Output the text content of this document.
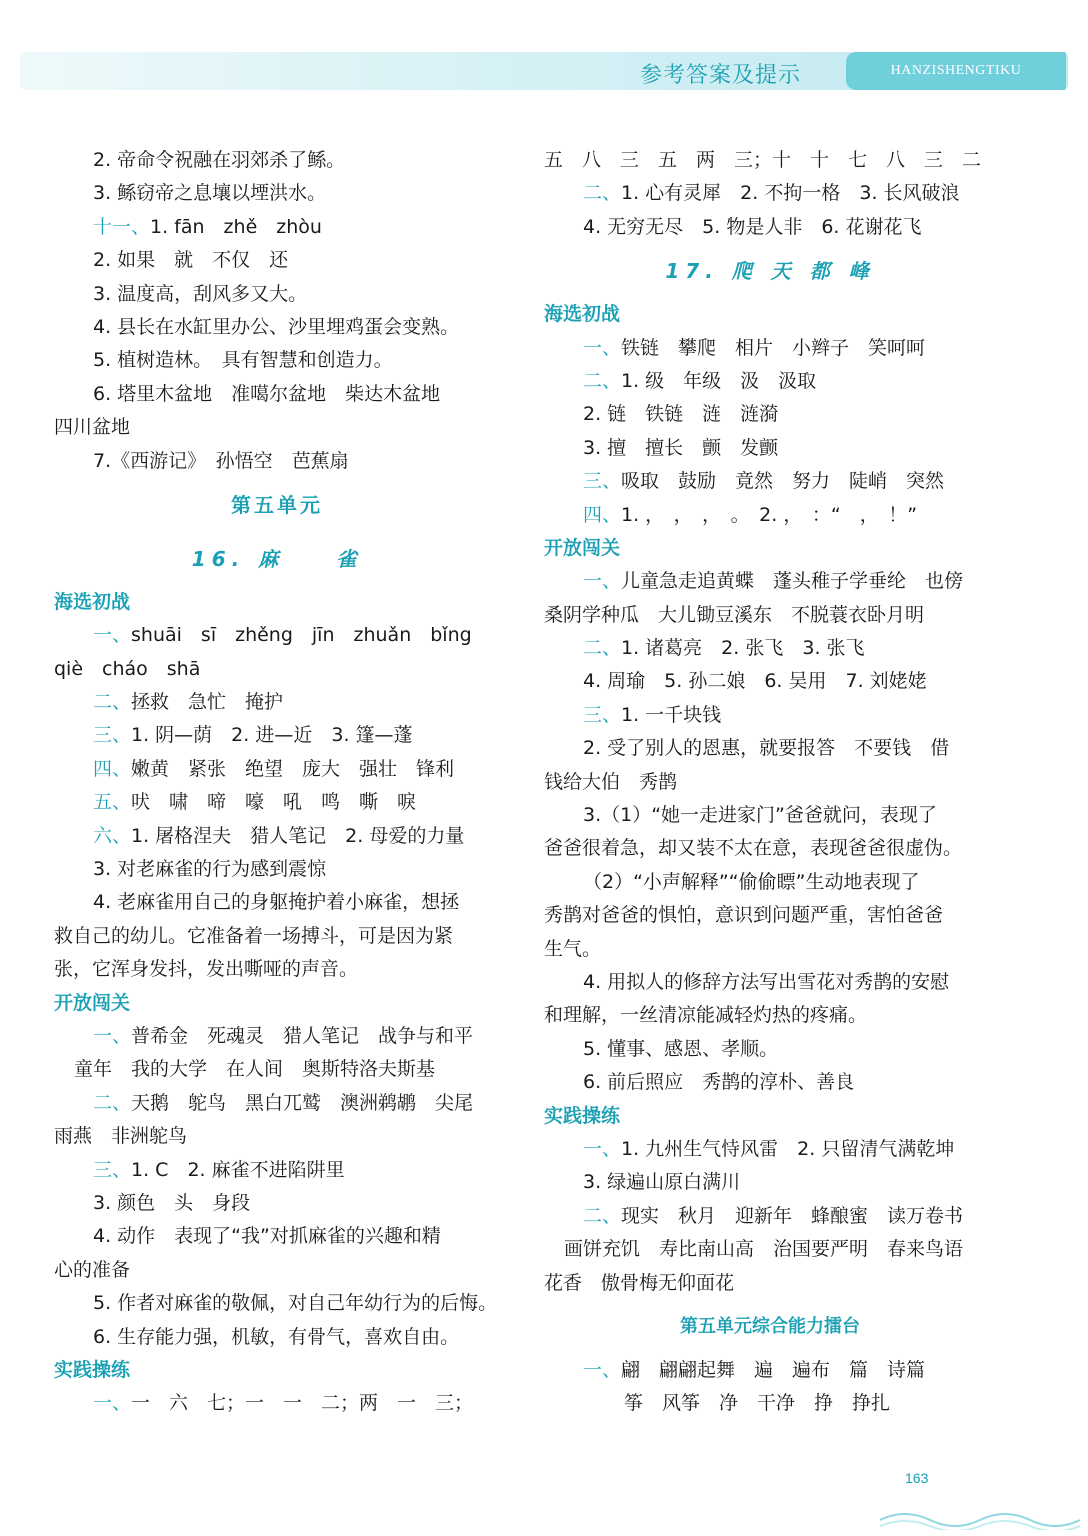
参考答案及提示	HANZISHENGTIKU
2. 帝命令祝融在羽郊杀了鲧。
3. 鲧窃帝之息壤以堙洪水。
十一、1. fān　zhě　zhòu
2. 如果　就　不仅　还
3. 温度高，刮风多又大。
4. 县长在水缸里办公、沙里埋鸡蛋会变熟。
5. 植树造林。　具有智慧和创造力。
6. 塔里木盆地　准噶尔盆地　柴达木盆地
四川盆地
7.《西游记》　孙悟空　芭蕉扇
第五单元
16. 麻　　雀
海选初战
一、shuāi　sī　zhěng　jīn　zhuǎn　bǐng
qiè　cháo　shā
二、拯救　急忙　掩护
三、1. 阴—荫　2. 进—近　3. 篷—蓬
四、嫩黄　紧张　绝望　庞大　强壮　锋利
五、吠　啸　啼　嚎　吼　鸣　嘶　唳
六、1. 屠格涅夫　猎人笔记　2. 母爱的力量
3. 对老麻雀的行为感到震惊
4. 老麻雀用自己的身躯掩护着小麻雀，想拯
救自己的幼儿。它准备着一场搏斗，可是因为紧
张，它浑身发抖，发出嘶哑的声音。
开放闯关
一、普希金　死魂灵　猎人笔记　战争与和平
童年　我的大学　在人间　奥斯特洛夫斯基
二、天鹅　鸵鸟　黑白兀鹫　澳洲鹈鹕　尖尾
雨燕　非洲鸵鸟
三、1. C　2. 麻雀不进陷阱里
3. 颜色　头　身段
4. 动作　表现了“我”对抓麻雀的兴趣和精
心的准备
5. 作者对麻雀的敬佩，对自己年幼行为的后悔。
6. 生存能力强，机敏，有骨气，喜欢自由。
实践操练
一、一　六　七；一　一　二；两　一　三；
五　八　三　五　两　三；十　十　七　八　三　二
二、1. 心有灵犀　2. 不拘一格　3. 长风破浪
4. 无穷无尽　5. 物是人非　6. 花谢花飞
17. 爬 天 都 峰
海选初战
一、铁链　攀爬　相片　小辫子　笑呵呵
二、1. 级　年级　汲　汲取
2. 链　铁链　涟　涟漪
3. 擅　擅长　颤　发颤
三、吸取　鼓励　竟然　努力　陡峭　突然
四、1. ，　，　，　。　2. ，　：“　，　！”
开放闯关
一、儿童急走追黄蝶　蓬头稚子学垂纶　也傍
桑阴学种瓜　大儿锄豆溪东　不脱蓑衣卧月明
二、1. 诸葛亮　2. 张飞　3. 张飞
4. 周瑜　5. 孙二娘　6. 吴用　7. 刘姥姥
三、1. 一千块钱
2. 受了别人的恩惠，就要报答　不要钱　借
钱给大伯　秀鹊
3.（1）“她一走进家门”爸爸就问，表现了
爸爸很着急，却又装不太在意，表现爸爸很虚伪。
（2）“小声解释”“偷偷瞟”生动地表现了
秀鹊对爸爸的惧怕，意识到问题严重，害怕爸爸
生气。
4. 用拟人的修辞方法写出雪花对秀鹊的安慰
和理解，一丝清凉能减轻灼热的疼痛。
5. 懂事、感恩、孝顺。
6. 前后照应　秀鹊的淳朴、善良
实践操练
一、1. 九州生气恃风雷　2. 只留清气满乾坤
3. 绿遍山原白满川
二、现实　秋月　迎新年　蜂酿蜜　读万卷书
画饼充饥　寿比南山高　治国要严明　春来鸟语
花香　傲骨梅无仰面花
第五单元综合能力擂台
一、翩　翩翩起舞　遍　遍布　篇　诗篇
筝　风筝　净　干净　挣　挣扎
163
